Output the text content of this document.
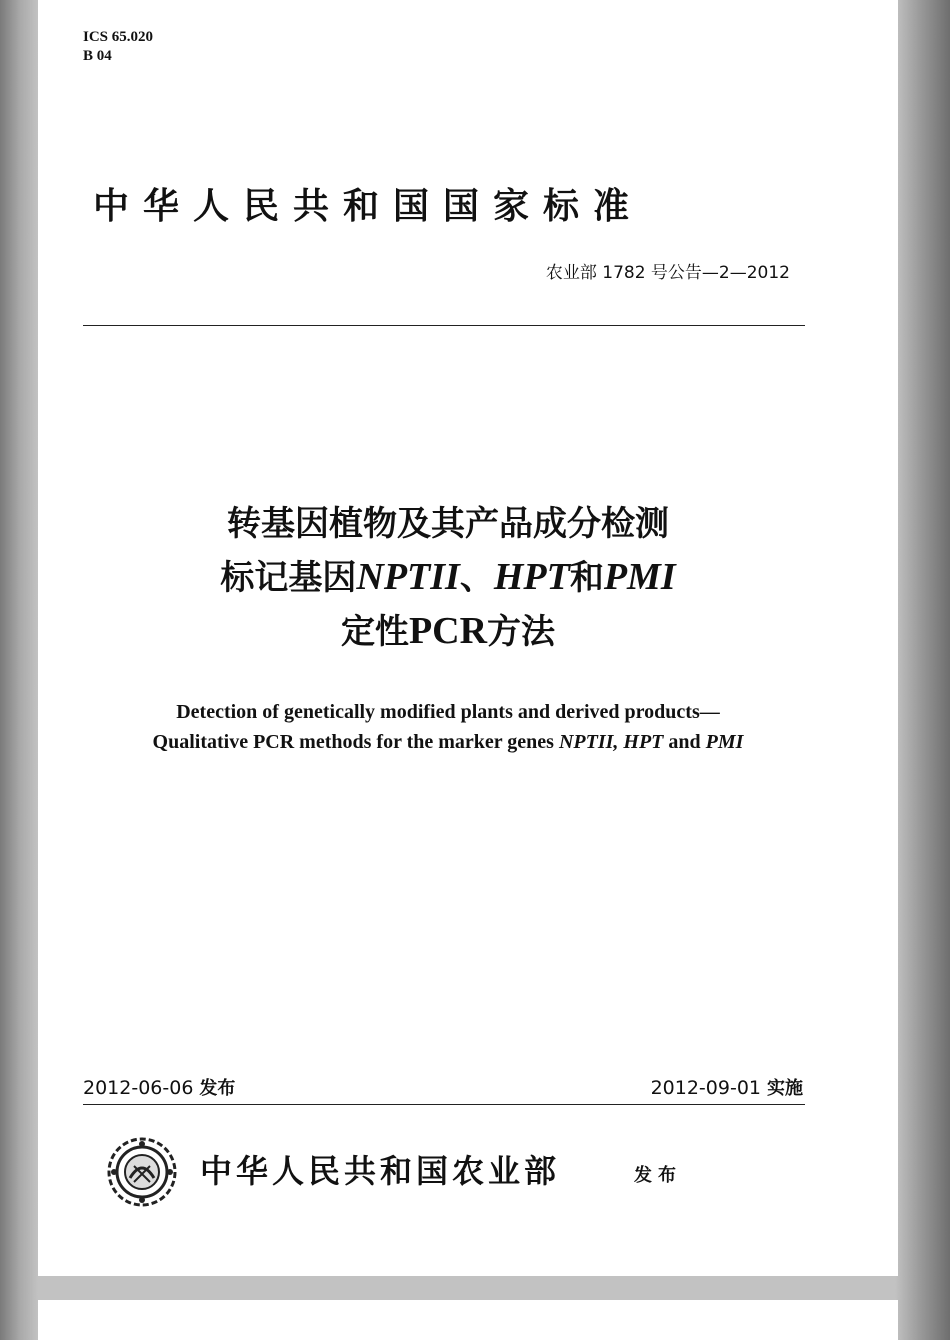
ICS 65.020
B 04
中华人民共和国国家标准
农业部 1782 号公告—2—2012
转基因植物及其产品成分检测
标记基因NPTII、HPT和PMI
定性PCR方法
Detection of genetically modified plants and derived products—
Qualitative PCR methods for the marker genes NPTII, HPT and PMI
2012-06-06 发布	2012-09-01 实施
中华人民共和国农业部	发布
